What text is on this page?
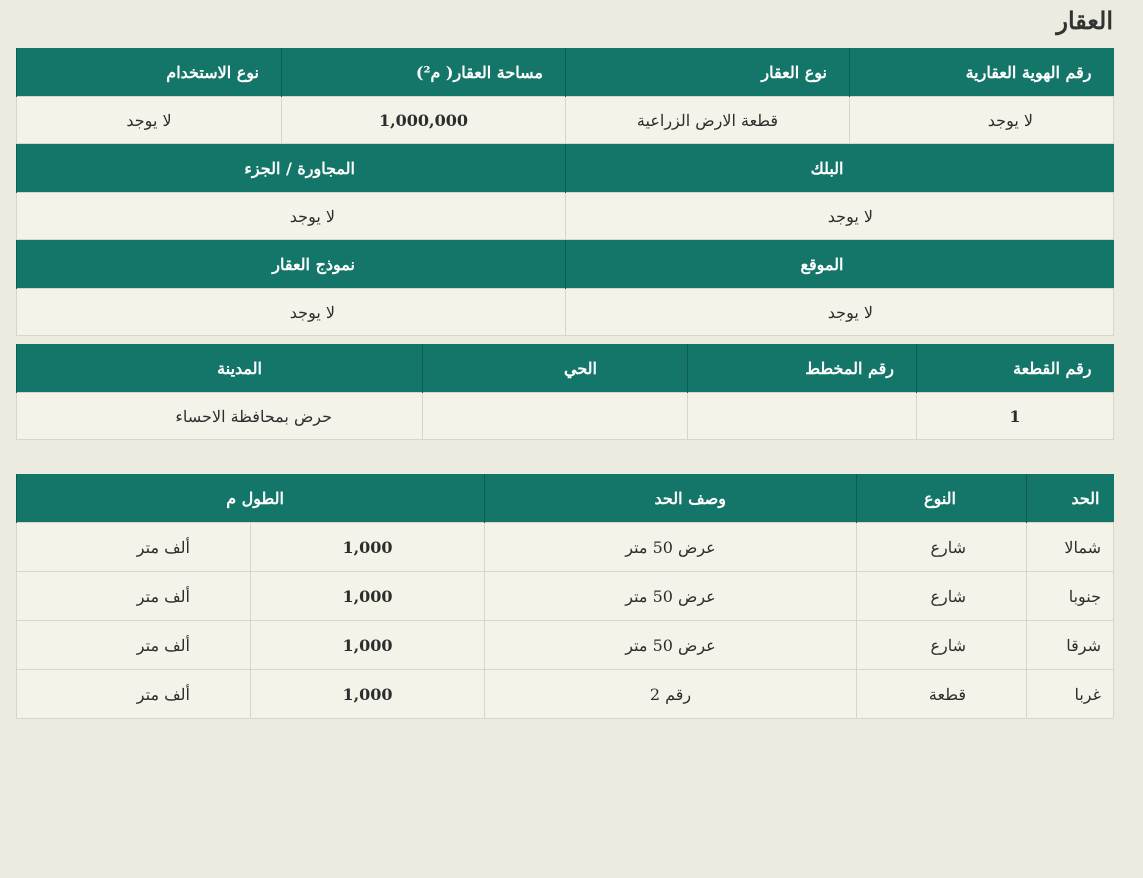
العقار
رقم الهوية العقارية	نوع العقار	مساحة العقار( م²)	نوع الاستخدام
لا يوجد	قطعة الارض الزراعية	1,000,000	لا يوجد
البلك		المجاورة / الجزء	
لا يوجد		لا يوجد	
الموقع		نموذج العقار	
لا يوجد		لا يوجد	
رقم القطعة	رقم المخطط	الحي	المدينة
1			حرض بمحافظة الاحساء
الحد	النوع	وصف الحد	الطول م	
شمالا	شارع	عرض 50 متر	1,000	ألف متر
جنوبا	شارع	عرض 50 متر	1,000	ألف متر
شرقا	شارع	عرض 50 متر	1,000	ألف متر
غربا	قطعة	رقم 2	1,000	ألف متر
